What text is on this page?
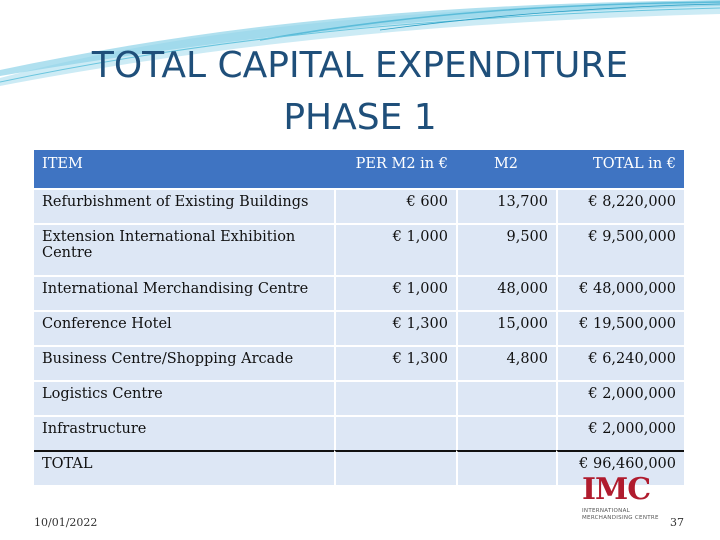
TOTAL CAPITAL EXPENDITURE
PHASE 1
ITEM	PER M2 in €	M2	TOTAL in €
Refurbishment of Existing Buildings	€ 600	13,700	€ 8,220,000
Extension International Exhibition Centre	€ 1,000	9,500	€ 9,500,000
International Merchandising Centre	€ 1,000	48,000	€ 48,000,000
Conference Hotel	€ 1,300	15,000	€ 19,500,000
Business Centre/Shopping Arcade	€ 1,300	4,800	€ 6,240,000
Logistics Centre			€ 2,000,000
Infrastructure			€ 2,000,000
TOTAL			€ 96,460,000
IMC
INTERNATIONAL
MERCHANDISING CENTRE
10/01/2022	37
